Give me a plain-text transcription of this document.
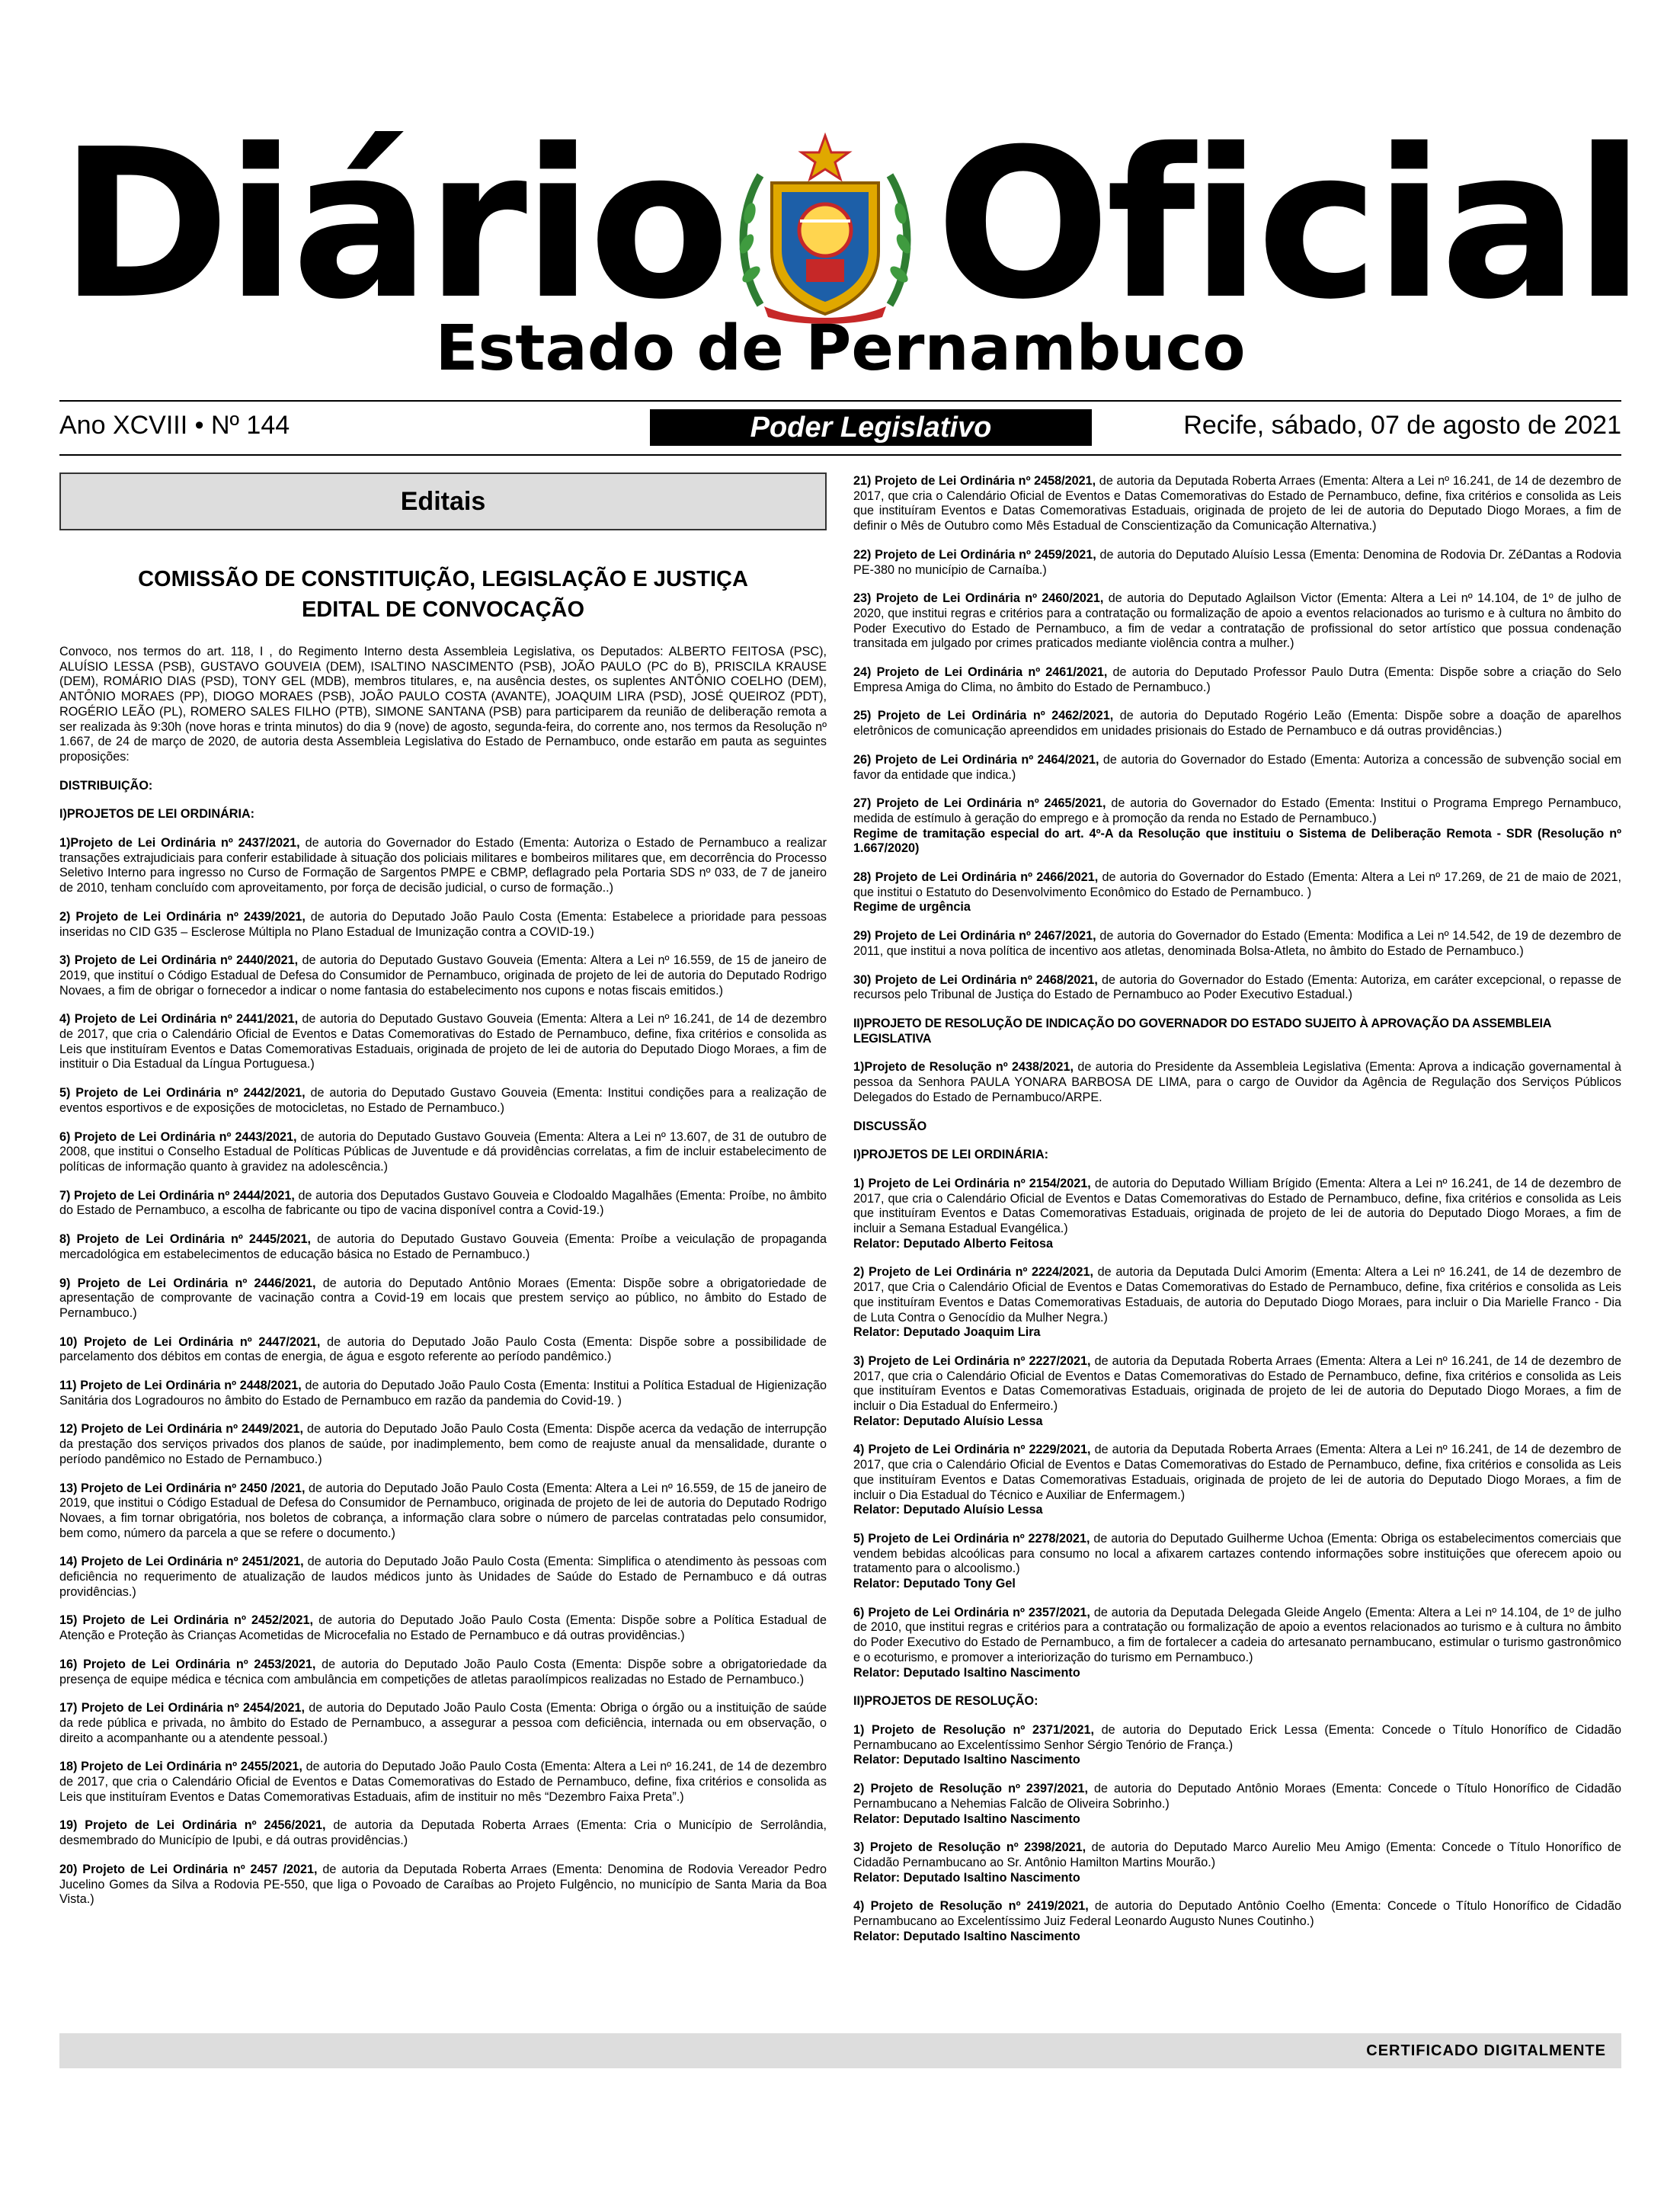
Diário Oficial
Estado de Pernambuco
Ano XCVIII • Nº 144	Poder Legislativo	Recife, sábado, 07 de agosto de 2021
Editais
COMISSÃO DE CONSTITUIÇÃO, LEGISLAÇÃO E JUSTIÇA
EDITAL DE CONVOCAÇÃO

Convoco, nos termos do art. 118, I , do Regimento Interno desta Assembleia Legislativa, os Deputados: ALBERTO FEITOSA (PSC), ALUÍSIO LESSA (PSB), GUSTAVO GOUVEIA (DEM), ISALTINO NASCIMENTO (PSB), JOÃO PAULO (PC do B), PRISCILA KRAUSE (DEM), ROMÁRIO DIAS (PSD), TONY GEL (MDB), membros titulares, e, na ausência destes, os suplentes ANTÔNIO COELHO (DEM), ANTÔNIO MORAES (PP), DIOGO MORAES (PSB), JOÃO PAULO COSTA (AVANTE), JOAQUIM LIRA (PSD), JOSÉ QUEIROZ (PDT), ROGÉRIO LEÃO (PL), ROMERO SALES FILHO (PTB), SIMONE SANTANA (PSB) para participarem da reunião de deliberação remota a ser realizada às 9:30h (nove horas e trinta minutos) do dia 9 (nove) de agosto, segunda-feira, do corrente ano, nos termos da Resolução nº 1.667, de 24 de março de 2020, de autoria desta Assembleia Legislativa do Estado de Pernambuco, onde estarão em pauta as seguintes proposições:

DISTRIBUIÇÃO:
I)PROJETOS DE LEI ORDINÁRIA:

1)Projeto de Lei Ordinária nº 2437/2021, de autoria do Governador do Estado (Ementa: Autoriza o Estado de Pernambuco a realizar transações extrajudiciais para conferir estabilidade à situação dos policiais militares e bombeiros militares que, em decorrência do Processo Seletivo Interno para ingresso no Curso de Formação de Sargentos PMPE e CBMP, deflagrado pela Portaria SDS nº 033, de 7 de janeiro de 2010, tenham concluído com aproveitamento, por força de decisão judicial, o curso de formação..)

2) Projeto de Lei Ordinária nº 2439/2021, de autoria do Deputado João Paulo Costa (Ementa: Estabelece a prioridade para pessoas inseridas no CID G35 – Esclerose Múltipla no Plano Estadual de Imunização contra a COVID-19.)

3) Projeto de Lei Ordinária nº 2440/2021, de autoria do Deputado Gustavo Gouveia (Ementa: Altera a Lei nº 16.559, de 15 de janeiro de 2019, que instituí o Código Estadual de Defesa do Consumidor de Pernambuco, originada de projeto de lei de autoria do Deputado Rodrigo Novaes, a fim de obrigar o fornecedor a indicar o nome fantasia do estabelecimento nos cupons e notas fiscais emitidos.)

4) Projeto de Lei Ordinária nº 2441/2021, de autoria do Deputado Gustavo Gouveia (Ementa: Altera a Lei nº 16.241, de 14 de dezembro de 2017, que cria o Calendário Oficial de Eventos e Datas Comemorativas do Estado de Pernambuco, define, fixa critérios e consolida as Leis que instituíram Eventos e Datas Comemorativas Estaduais, originada de projeto de lei de autoria do Deputado Diogo Moraes, a fim de instituir o Dia Estadual da Língua Portuguesa.)

5) Projeto de Lei Ordinária nº 2442/2021, de autoria do Deputado Gustavo Gouveia (Ementa: Institui condições para a realização de eventos esportivos e de exposições de motocicletas, no Estado de Pernambuco.)

6) Projeto de Lei Ordinária nº 2443/2021, de autoria do Deputado Gustavo Gouveia (Ementa: Altera a Lei nº 13.607, de 31 de outubro de 2008, que institui o Conselho Estadual de Políticas Públicas de Juventude e dá providências correlatas, a fim de incluir estabelecimento de políticas de informação quanto à gravidez na adolescência.)

7) Projeto de Lei Ordinária nº 2444/2021, de autoria dos Deputados Gustavo Gouveia e Clodoaldo Magalhães (Ementa: Proíbe, no âmbito do Estado de Pernambuco, a escolha de fabricante ou tipo de vacina disponível contra a Covid-19.)

8) Projeto de Lei Ordinária nº 2445/2021, de autoria do Deputado Gustavo Gouveia (Ementa: Proíbe a veiculação de propaganda mercadológica em estabelecimentos de educação básica no Estado de Pernambuco.)

9) Projeto de Lei Ordinária nº 2446/2021, de autoria do Deputado Antônio Moraes (Ementa: Dispõe sobre a obrigatoriedade de apresentação de comprovante de vacinação contra a Covid-19 em locais que prestem serviço ao público, no âmbito do Estado de Pernambuco.)

10) Projeto de Lei Ordinária nº 2447/2021, de autoria do Deputado João Paulo Costa (Ementa: Dispõe sobre a possibilidade de parcelamento dos débitos em contas de energia, de água e esgoto referente ao período pandêmico.)

11) Projeto de Lei Ordinária nº 2448/2021, de autoria do Deputado João Paulo Costa (Ementa: Institui a Política Estadual de Higienização Sanitária dos Logradouros no âmbito do Estado de Pernambuco em razão da pandemia do Covid-19. )

12) Projeto de Lei Ordinária nº 2449/2021, de autoria do Deputado João Paulo Costa (Ementa: Dispõe acerca da vedação de interrupção da prestação dos serviços privados dos planos de saúde, por inadimplemento, bem como de reajuste anual da mensalidade, durante o período pandêmico no Estado de Pernambuco.)

13) Projeto de Lei Ordinária nº 2450 /2021, de autoria do Deputado João Paulo Costa (Ementa: Altera a Lei nº 16.559, de 15 de janeiro de 2019, que institui o Código Estadual de Defesa do Consumidor de Pernambuco, originada de projeto de lei de autoria do Deputado Rodrigo Novaes, a fim tornar obrigatória, nos boletos de cobrança, a informação clara sobre o número de parcelas contratadas pelo consumidor, bem como, número da parcela a que se refere o documento.)

14) Projeto de Lei Ordinária nº 2451/2021, de autoria do Deputado João Paulo Costa (Ementa: Simplifica o atendimento às pessoas com deficiência no requerimento de atualização de laudos médicos junto às Unidades de Saúde do Estado de Pernambuco e dá outras providências.)

15) Projeto de Lei Ordinária nº 2452/2021, de autoria do Deputado João Paulo Costa (Ementa: Dispõe sobre a Política Estadual de Atenção e Proteção às Crianças Acometidas de Microcefalia no Estado de Pernambuco e dá outras providências.)

16) Projeto de Lei Ordinária nº 2453/2021, de autoria do Deputado João Paulo Costa (Ementa: Dispõe sobre a obrigatoriedade da presença de equipe médica e técnica com ambulância em competições de atletas paraolímpicos realizadas no Estado de Pernambuco.)

17) Projeto de Lei Ordinária nº 2454/2021, de autoria do Deputado João Paulo Costa (Ementa: Obriga o órgão ou a instituição de saúde da rede pública e privada, no âmbito do Estado de Pernambuco, a assegurar a pessoa com deficiência, internada ou em observação, o direito a acompanhante ou a atendente pessoal.)

18) Projeto de Lei Ordinária nº 2455/2021, de autoria do Deputado João Paulo Costa (Ementa: Altera a Lei nº 16.241, de 14 de dezembro de 2017, que cria o Calendário Oficial de Eventos e Datas Comemorativas do Estado de Pernambuco, define, fixa critérios e consolida as Leis que instituíram Eventos e Datas Comemorativas Estaduais, afim de instituir no mês “Dezembro Faixa Preta”.)

19) Projeto de Lei Ordinária nº 2456/2021, de autoria da Deputada Roberta Arraes (Ementa: Cria o Município de Serrolândia, desmembrado do Município de Ipubi, e dá outras providências.)

20) Projeto de Lei Ordinária nº 2457 /2021, de autoria da Deputada Roberta Arraes (Ementa: Denomina de Rodovia Vereador Pedro Jucelino Gomes da Silva a Rodovia PE-550, que liga o Povoado de Caraíbas ao Projeto Fulgêncio, no município de Santa Maria da Boa Vista.)

21) Projeto de Lei Ordinária nº 2458/2021, de autoria da Deputada Roberta Arraes (Ementa: Altera a Lei nº 16.241, de 14 de dezembro de 2017, que cria o Calendário Oficial de Eventos e Datas Comemorativas do Estado de Pernambuco, define, fixa critérios e consolida as Leis que instituíram Eventos e Datas Comemorativas Estaduais, originada de projeto de lei de autoria do Deputado Diogo Moraes, a fim de definir o Mês de Outubro como Mês Estadual de Conscientização da Comunicação Alternativa.)

22) Projeto de Lei Ordinária nº 2459/2021, de autoria do Deputado Aluísio Lessa (Ementa: Denomina de Rodovia Dr. ZéDantas a Rodovia PE-380 no município de Carnaíba.)

23) Projeto de Lei Ordinária nº 2460/2021, de autoria do Deputado Aglailson Victor (Ementa: Altera a Lei nº 14.104, de 1º de julho de 2020, que institui regras e critérios para a contratação ou formalização de apoio a eventos relacionados ao turismo e à cultura no âmbito do Poder Executivo do Estado de Pernambuco, a fim de vedar a contratação de profissional do setor artístico que possua condenação transitada em julgado por crimes praticados mediante violência contra a mulher.)

24) Projeto de Lei Ordinária nº 2461/2021, de autoria do Deputado Professor Paulo Dutra (Ementa: Dispõe sobre a criação do Selo Empresa Amiga do Clima, no âmbito do Estado de Pernambuco.)

25) Projeto de Lei Ordinária nº 2462/2021, de autoria do Deputado Rogério Leão (Ementa: Dispõe sobre a doação de aparelhos eletrônicos de comunicação apreendidos em unidades prisionais do Estado de Pernambuco e dá outras providências.)

26) Projeto de Lei Ordinária nº 2464/2021, de autoria do Governador do Estado (Ementa: Autoriza a concessão de subvenção social em favor da entidade que indica.)

27) Projeto de Lei Ordinária nº 2465/2021, de autoria do Governador do Estado (Ementa: Institui o Programa Emprego Pernambuco, medida de estímulo à geração do emprego e à promoção da renda no Estado de Pernambuco.)
Regime de tramitação especial do art. 4º-A da Resolução que instituiu o Sistema de Deliberação Remota - SDR (Resolução nº 1.667/2020)

28) Projeto de Lei Ordinária nº 2466/2021, de autoria do Governador do Estado (Ementa: Altera a Lei nº 17.269, de 21 de maio de 2021, que institui o Estatuto do Desenvolvimento Econômico do Estado de Pernambuco. )
Regime de urgência

29) Projeto de Lei Ordinária nº 2467/2021, de autoria do Governador do Estado (Ementa: Modifica a Lei nº 14.542, de 19 de dezembro de 2011, que institui a nova política de incentivo aos atletas, denominada Bolsa-Atleta, no âmbito do Estado de Pernambuco.)

30) Projeto de Lei Ordinária nº 2468/2021, de autoria do Governador do Estado (Ementa: Autoriza, em caráter excepcional, o repasse de recursos pelo Tribunal de Justiça do Estado de Pernambuco ao Poder Executivo Estadual.)

II)PROJETO DE RESOLUÇÃO DE INDICAÇÃO DO GOVERNADOR DO ESTADO SUJEITO À APROVAÇÃO DA ASSEMBLEIA LEGISLATIVA

1)Projeto de Resolução nº 2438/2021, de autoria do Presidente da Assembleia Legislativa (Ementa: Aprova a indicação governamental à pessoa da Senhora PAULA YONARA BARBOSA DE LIMA, para o cargo de Ouvidor da Agência de Regulação dos Serviços Públicos Delegados do Estado de Pernambuco/ARPE.

DISCUSSÃO
I)PROJETOS DE LEI ORDINÁRIA:

1) Projeto de Lei Ordinária nº 2154/2021, de autoria do Deputado William Brígido (Ementa: Altera a Lei nº 16.241, de 14 de dezembro de 2017, que cria o Calendário Oficial de Eventos e Datas Comemorativas do Estado de Pernambuco, define, fixa critérios e consolida as Leis que instituíram Eventos e Datas Comemorativas Estaduais, originada de projeto de lei de autoria do Deputado Diogo Moraes, a fim de incluir a Semana Estadual Evangélica.)
Relator: Deputado Alberto Feitosa

2) Projeto de Lei Ordinária nº 2224/2021, de autoria da Deputada Dulci Amorim (Ementa: Altera a Lei nº 16.241, de 14 de dezembro de 2017, que Cria o Calendário Oficial de Eventos e Datas Comemorativas do Estado de Pernambuco, define, fixa critérios e consolida as Leis que instituíram Eventos e Datas Comemorativas Estaduais, de autoria do Deputado Diogo Moraes, para incluir o Dia Marielle Franco - Dia de Luta Contra o Genocídio da Mulher Negra.)
Relator: Deputado Joaquim Lira

3) Projeto de Lei Ordinária nº 2227/2021, de autoria da Deputada Roberta Arraes (Ementa: Altera a Lei nº 16.241, de 14 de dezembro de 2017, que cria o Calendário Oficial de Eventos e Datas Comemorativas do Estado de Pernambuco, define, fixa critérios e consolida as Leis que instituíram Eventos e Datas Comemorativas Estaduais, originada de projeto de lei de autoria do Deputado Diogo Moraes, a fim de incluir o Dia Estadual do Enfermeiro.)
Relator: Deputado Aluísio Lessa

4) Projeto de Lei Ordinária nº 2229/2021, de autoria da Deputada Roberta Arraes (Ementa: Altera a Lei nº 16.241, de 14 de dezembro de 2017, que cria o Calendário Oficial de Eventos e Datas Comemorativas do Estado de Pernambuco, define, fixa critérios e consolida as Leis que instituíram Eventos e Datas Comemorativas Estaduais, originada de projeto de lei de autoria do Deputado Diogo Moraes, a fim de incluir o Dia Estadual do Técnico e Auxiliar de Enfermagem.)
Relator: Deputado Aluísio Lessa

5) Projeto de Lei Ordinária nº 2278/2021, de autoria do Deputado Guilherme Uchoa (Ementa: Obriga os estabelecimentos comerciais que vendem bebidas alcoólicas para consumo no local a afixarem cartazes contendo informações sobre instituições que oferecem apoio ou tratamento para o alcoolismo.)
Relator: Deputado Tony Gel

6) Projeto de Lei Ordinária nº 2357/2021, de autoria da Deputada Delegada Gleide Angelo (Ementa: Altera a Lei nº 14.104, de 1º de julho de 2010, que institui regras e critérios para a contratação ou formalização de apoio a eventos relacionados ao turismo e à cultura no âmbito do Poder Executivo do Estado de Pernambuco, a fim de fortalecer a cadeia do artesanato pernambucano, estimular o turismo gastronômico e o ecoturismo, e promover a interiorização do turismo em Pernambuco.)
Relator: Deputado Isaltino Nascimento

II)PROJETOS DE RESOLUÇÃO:

1) Projeto de Resolução nº 2371/2021, de autoria do Deputado Erick Lessa (Ementa: Concede o Título Honorífico de Cidadão Pernambucano ao Excelentíssimo Senhor Sérgio Tenório de França.)
Relator: Deputado Isaltino Nascimento

2) Projeto de Resolução nº 2397/2021, de autoria do Deputado Antônio Moraes (Ementa: Concede o Título Honorífico de Cidadão Pernambucano a Nehemias Falcão de Oliveira Sobrinho.)
Relator: Deputado Isaltino Nascimento

3) Projeto de Resolução nº 2398/2021, de autoria do Deputado Marco Aurelio Meu Amigo (Ementa: Concede o Título Honorífico de Cidadão Pernambucano ao Sr. Antônio Hamilton Martins Mourão.)
Relator: Deputado Isaltino Nascimento

4) Projeto de Resolução nº 2419/2021, de autoria do Deputado Antônio Coelho (Ementa: Concede o Título Honorífico de Cidadão Pernambucano ao Excelentíssimo Juiz Federal Leonardo Augusto Nunes Coutinho.)
Relator: Deputado Isaltino Nascimento

CERTIFICADO DIGITALMENTE
